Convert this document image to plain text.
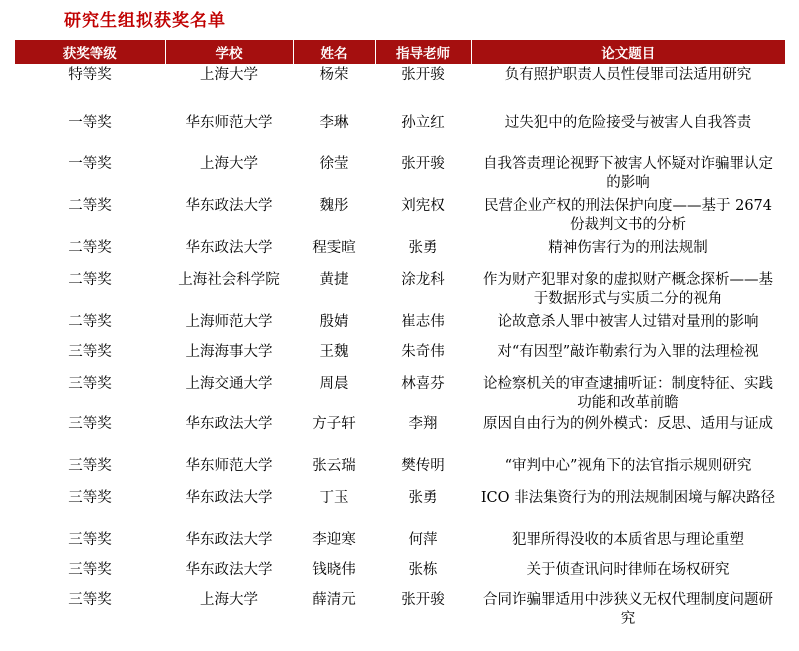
研究生组拟获奖名单
获奖等级	学校	姓名	指导老师	论文题目
特等奖	上海大学	杨荣	张开骏	负有照护职责人员性侵罪司法适用研究
一等奖	华东师范大学	李琳	孙立红	过失犯中的危险接受与被害人自我答责
一等奖	上海大学	徐莹	张开骏	自我答责理论视野下被害人怀疑对诈骗罪认定的影响
二等奖	华东政法大学	魏彤	刘宪权	民营企业产权的刑法保护向度——基于 2674 份裁判文书的分析
二等奖	华东政法大学	程雯暄	张勇	精神伤害行为的刑法规制
二等奖	上海社会科学院	黄捷	涂龙科	作为财产犯罪对象的虚拟财产概念探析——基于数据形式与实质二分的视角
二等奖	上海师范大学	殷婧	崔志伟	论故意杀人罪中被害人过错对量刑的影响
三等奖	上海海事大学	王魏	朱奇伟	对“有因型”敲诈勒索行为入罪的法理检视
三等奖	上海交通大学	周晨	林喜芬	论检察机关的审查逮捕听证：制度特征、实践功能和改革前瞻
三等奖	华东政法大学	方子轩	李翔	原因自由行为的例外模式：反思、适用与证成
三等奖	华东师范大学	张云瑞	樊传明	“审判中心”视角下的法官指示规则研究
三等奖	华东政法大学	丁玉	张勇	ICO 非法集资行为的刑法规制困境与解决路径
三等奖	华东政法大学	李迎寒	何萍	犯罪所得没收的本质省思与理论重塑
三等奖	华东政法大学	钱晓伟	张栋	关于侦查讯问时律师在场权研究
三等奖	上海大学	薛清元	张开骏	合同诈骗罪适用中涉狭义无权代理制度问题研究
